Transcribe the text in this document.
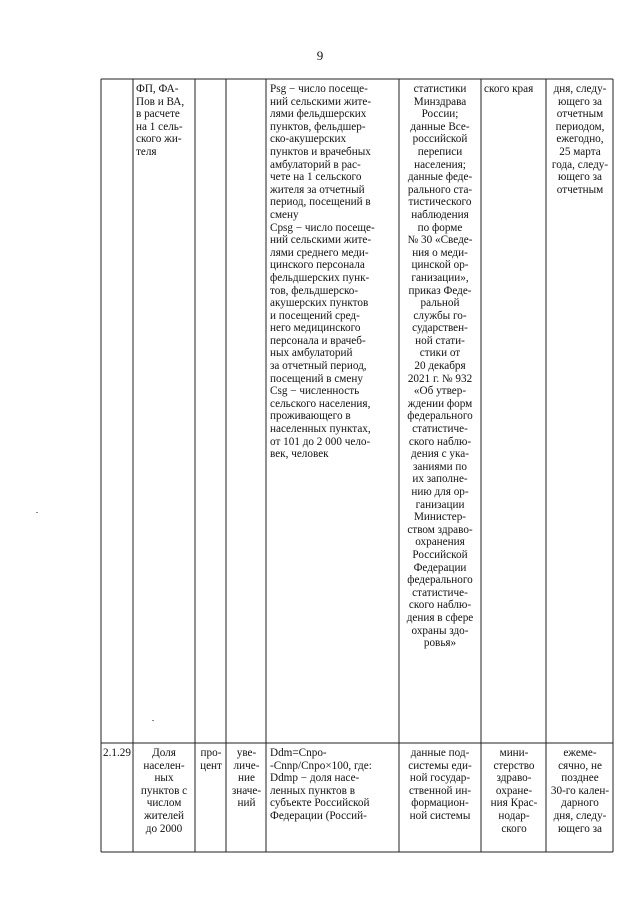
9
ФП, ФА-
Пов и ВА,
в расчете
на 1 сель-
ского жи-
теля
Psg − число посеще-
ний сельскими жите-
лями фельдшерских
пунктов, фельдшер-
ско-акушерских
пунктов и врачебных
амбулаторий в рас-
чете на 1 сельского
жителя за отчетный
период, посещений в
смену
Cpsg − число посеще-
ний сельскими жите-
лями среднего меди-
цинского персонала
фельдшерских пунк-
тов, фельдшерско-
акушерских пунктов
и посещений сред-
него медицинского
персонала и врачеб-
ных амбулаторий
за отчетный период,
посещений в смену
Csg − численность
сельского населения,
проживающего в
населенных пунктах,
от 101 до 2 000 чело-
век, человек
статистики
Минздрава
России;
данные Все-
российской
переписи
населения;
данные феде-
рального ста-
тистического
наблюдения
по форме
№ 30 «Сведе-
ния о меди-
цинской ор-
ганизации»,
приказ Феде-
ральной
службы го-
сударствен-
ной стати-
стики от
20 декабря
2021 г. № 932
«Об утвер-
ждении форм
федерального
статистиче-
ского наблю-
дения с ука-
заниями по
их заполне-
нию для ор-
ганизации
Министер-
ством здраво-
охранения
Российской
Федерации
федерального
статистиче-
ского наблю-
дения в сфере
охраны здо-
ровья»
ского края	дня, следу-
ющего за
отчетным
периодом,
ежегодно,
25 марта
года, следу-
ющего за
отчетным
2.1.29	Доля
населен-
ных
пунктов с
числом
жителей
до 2000
про-
цент
уве-
личе-
ние
значе-
ний
Ddm=Cnpo-
-Cnnp/Cnpo×100, где:
Ddmp − доля насе-
ленных пунктов в
субъекте Российской
Федерации (Россий-
данные под-
системы еди-
ной государ-
ственной ин-
формацион-
ной системы
мини-
стерство
здраво-
охране-
ния Крас-
нодар-
ского
ежеме-
сячно, не
позднее
30-го кален-
дарного
дня, следу-
ющего за
